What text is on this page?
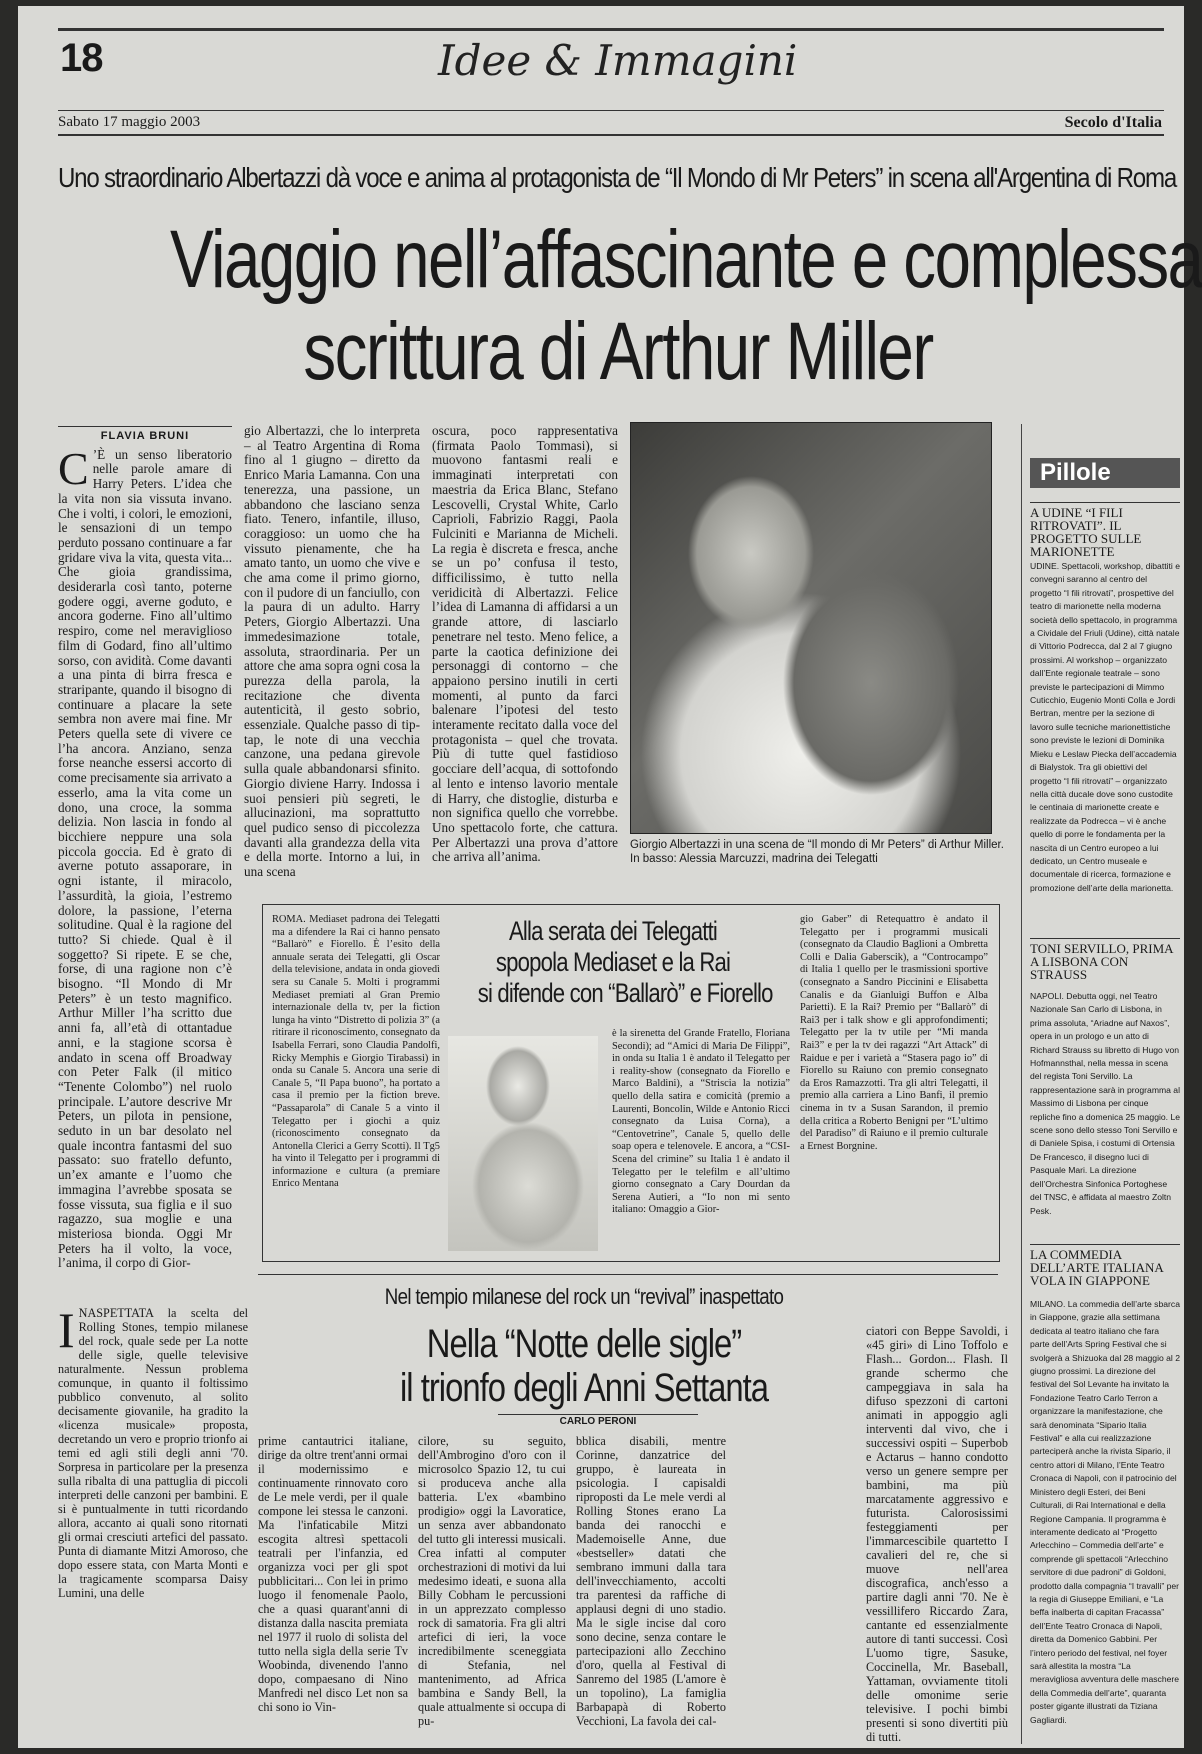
18	Idee & Immagini
Sabato 17 maggio 2003	Secolo d'Italia
Uno straordinario Albertazzi dà voce e anima al protagonista de “Il Mondo di Mr Peters” in scena all'Argentina di Roma
Viaggio nell’affascinante e complessa
scrittura di Arthur Miller
FLAVIA BRUNI
C ’È un senso liberatorio nelle parole amare di Harry Peters. L’idea che la vita non sia vissuta invano. Che i volti, i colori, le emozioni, le sensazioni di un tempo perduto possano continuare a far gridare viva la vita, questa vita... Che gioia grandissima, desiderarla così tanto, poterne godere oggi, averne goduto, e ancora goderne. Fino all’ultimo respiro, come nel meraviglioso film di Godard, fino all’ultimo sorso, con avidità. Come davanti a una pinta di birra fresca e straripante, quando il bisogno di continuare a placare la sete sembra non avere mai fine. Mr Peters quella sete di vivere ce l’ha ancora. Anziano, senza forse neanche essersi accorto di come precisamente sia arrivato a esserlo, ama la vita come un dono, una croce, la somma delizia. Non lascia in fondo al bicchiere neppure una sola piccola goccia. Ed è grato di averne potuto assaporare, in ogni istante, il miracolo, l’assurdità, la gioia, l’estremo dolore, la passione, l’eterna solitudine. Qual è la ragione del tutto? Si chiede. Qual è il soggetto? Si ripete. E se che, forse, di una ragione non c’è bisogno. “Il Mondo di Mr Peters” è un testo magnifico. Arthur Miller l’ha scritto due anni fa, all’età di ottantadue anni, e la stagione scorsa è andato in scena off Broadway con Peter Falk (il mitico “Tenente Colombo”) nel ruolo principale. L’autore descrive Mr Peters, un pilota in pensione, seduto in un bar desolato nel quale incontra fantasmi del suo passato: suo fratello defunto, un’ex amante e l’uomo che immagina l’avrebbe sposata se fosse vissuta, sua figlia e il suo ragazzo, sua moglie e una misteriosa bionda. Oggi Mr Peters ha il volto, la voce, l’anima, il corpo di Gior-
gio Albertazzi, che lo interpreta – al Teatro Argentina di Roma fino al 1 giugno – diretto da Enrico Maria Lamanna. Con una tenerezza, una passione, un abbandono che lasciano senza fiato. Tenero, infantile, illuso, coraggioso: un uomo che ha vissuto pienamente, che ha amato tanto, un uomo che vive e che ama come il primo giorno, con il pudore di un fanciullo, con la paura di un adulto. Harry Peters, Giorgio Albertazzi. Una immedesimazione totale, assoluta, straordinaria. Per un attore che ama sopra ogni cosa la purezza della parola, la recitazione che diventa autenticità, il gesto sobrio, essenziale. Qualche passo di tip-tap, le note di una vecchia canzone, una pedana girevole sulla quale abbandonarsi sfinito. Giorgio diviene Harry. Indossa i suoi pensieri più segreti, le allucinazioni, ma soprattutto quel pudico senso di piccolezza davanti alla grandezza della vita e della morte. Intorno a lui, in una scena
oscura, poco rappresentativa (firmata Paolo Tommasi), si muovono fantasmi reali e immaginati interpretati con maestria da Erica Blanc, Stefano Lescovelli, Crystal White, Carlo Caprioli, Fabrizio Raggi, Paola Fulciniti e Marianna de Micheli. La regia è discreta e fresca, anche se un po’ confusa il testo, difficilissimo, è tutto nella veridicità di Albertazzi. Felice l’idea di Lamanna di affidarsi a un grande attore, di lasciarlo penetrare nel testo. Meno felice, a parte la caotica definizione dei personaggi di contorno – che appaiono persino inutili in certi momenti, al punto da farci balenare l’ipotesi del testo interamente recitato dalla voce del protagonista – quel che trovata. Più di tutte quel fastidioso gocciare dell’acqua, di sottofondo al lento e intenso lavorio mentale di Harry, che distoglie, disturba e non significa quello che vorrebbe. Uno spettacolo forte, che cattura. Per Albertazzi una prova d’attore che arriva all’anima.
Giorgio Albertazzi in una scena de “Il mondo di Mr Peters” di Arthur Miller. In basso: Alessia Marcuzzi, madrina dei Telegatti
ROMA. Mediaset padrona dei Telegatti ma a difendere la Rai ci hanno pensato “Ballarò” e Fiorello. È l’esito della annuale serata dei Telegatti, gli Oscar della televisione, andata in onda giovedì sera su Canale 5. Molti i programmi Mediaset premiati al Gran Premio internazionale della tv, per la fiction lunga ha vinto “Distretto di polizia 3” (a ritirare il riconoscimento, consegnato da Isabella Ferrari, sono Claudia Pandolfi, Ricky Memphis e Giorgio Tirabassi) in onda su Canale 5. Ancora una serie di Canale 5, “Il Papa buono”, ha portato a casa il premio per la fiction breve. “Passaparola” di Canale 5 a vinto il Telegatto per i giochi a quiz (riconoscimento consegnato da Antonella Clerici a Gerry Scotti). Il Tg5 ha vinto il Telegatto per i programmi di informazione e cultura (a premiare Enrico Mentana
Alla serata dei Telegatti
spopola Mediaset e la Rai
si difende con “Ballarò” e Fiorello
è la sirenetta del Grande Fratello, Floriana Secondi); ad “Amici di Maria De Filippi”, in onda su Italia 1 è andato il Telegatto per i reality-show (consegnato da Fiorello e Marco Baldini), a “Striscia la notizia” quello della satira e comicità (premio a Laurenti, Boncolin, Wilde e Antonio Ricci consegnato da Luisa Corna), a “Centovetrine”, Canale 5, quello delle soap opera e telenovele. E ancora, a “CSI-Scena del crimine” su Italia 1 è andato il Telegatto per le telefilm e all’ultimo giorno consegnato a Cary Dourdan da Serena Autieri, a “Io non mi sento italiano: Omaggio a Gior-
gio Gaber” di Retequattro è andato il Telegatto per i programmi musicali (consegnato da Claudio Baglioni a Ombretta Colli e Dalia Gaberscik), a “Controcampo” di Italia 1 quello per le trasmissioni sportive (consegnato a Sandro Piccinini e Elisabetta Canalis e da Gianluigi Buffon e Alba Parietti). E la Rai? Premio per “Ballarò” di Rai3 per i talk show e gli approfondimenti; Telegatto per la tv utile per “Mi manda Rai3” e per la tv dei ragazzi “Art Attack” di Raidue e per i varietà a “Stasera pago io” di Fiorello su Raiuno con premio consegnato da Eros Ramazzotti. Tra gli altri Telegatti, il premio alla carriera a Lino Banfi, il premio cinema in tv a Susan Sarandon, il premio della critica a Roberto Benigni per “L’ultimo del Paradiso” di Raiuno e il premio culturale a Ernest Borgnine.
Nel tempio milanese del rock un “revival” inaspettato
Nella “Notte delle sigle”
il trionfo degli Anni Settanta
CARLO PERONI
INASPETTATA la scelta del Rolling Stones, tempio milanese del rock, quale sede per La notte delle sigle, quelle televisive naturalmente. Nessun problema comunque, in quanto il foltissimo pubblico convenuto, al solito decisamente giovanile, ha gradito la «licenza musicale» proposta, decretando un vero e proprio trionfo ai temi ed agli stili degli anni '70. Sorpresa in particolare per la presenza sulla ribalta di una pattuglia di piccoli interpreti delle canzoni per bambini. E si è puntualmente in tutti ricordando allora, accanto ai quali sono ritornati gli ormai cresciuti artefici del passato. Punta di diamante Mitzi Amoroso, che dopo essere stata, con Marta Monti e la tragicamente scomparsa Daisy Lumini, una delle
prime cantautrici italiane, dirige da oltre trent'anni ormai il modernissimo e continuamente rinnovato coro de Le mele verdi, per il quale compone lei stessa le canzoni. Ma l'infaticabile Mitzi escogita altresì spettacoli teatrali per l'infanzia, ed organizza voci per gli spot pubblicitari... Con lei in primo luogo il fenomenale Paolo, che a quasi quarant'anni di distanza dalla nascita premiata nel 1977 il ruolo di solista del tutto nella sigla della serie Tv Woobinda, divenendo l'anno dopo, compaesano di Nino Manfredi nel disco Let non sa chi sono io Vin-
cilore, su seguito, dell'Ambrogino d'oro con il microsolco Spazio 12, tu cui si produceva anche alla batteria. L'ex «bambino prodigio» oggi la Lavoratice, un senza aver abbandonato del tutto gli interessi musicali. Crea infatti al computer orchestrazioni di motivi da lui medesimo ideati, e suona alla Billy Cobham le percussioni in un apprezzato complesso rock di samatoria. Fra gli altri artefici di ieri, la voce incredibilmente sceneggiata di Stefania, nel mantenimento, ad Africa bambina e Sandy Bell, la quale attualmente si occupa di pu-
bblica disabili, mentre Corinne, danzatrice del gruppo, è laureata in psicologia. I capisaldi riproposti da Le mele verdi al Rolling Stones erano La banda dei ranocchi e Mademoiselle Anne, due «bestseller» datati che sembrano immuni dalla tara dell'invecchiamento, accolti tra parentesi da raffiche di applausi degni di uno stadio. Ma le sigle incise dal coro sono decine, senza contare le partecipazioni allo Zecchino d'oro, quella al Festival di Sanremo del 1985 (L'amore è un topolino), La famiglia Barbapapà di Roberto Vecchioni, La favola dei cal-
ciatori con Beppe Savoldi, i «45 giri» di Lino Toffolo e Flash... Gordon... Flash. Il grande schermo che campeggiava in sala ha difuso spezzoni di cartoni animati in appoggio agli interventi dal vivo, che i successivi ospiti – Superbob e Actarus – hanno condotto verso un genere sempre per bambini, ma più marcatamente aggressivo e futurista. Calorosissimi festeggiamenti per l'immarcescibile quartetto I cavalieri del re, che si muove nell'area discografica, anch'esso a partire dagli anni '70. Ne è vessillifero Riccardo Zara, cantante ed essenzialmente autore di tanti successi. Così L'uomo tigre, Sasuke, Coccinella, Mr. Baseball, Yattaman, ovviamente titoli delle omonime serie televisive. I pochi bimbi presenti si sono divertiti più di tutti.
Pillole
A UDINE “I FILI RITROVATI”. IL PROGETTO SULLE MARIONETTE
UDINE. Spettacoli, workshop, dibattiti e convegni saranno al centro del progetto “I fili ritrovati”, prospettive del teatro di marionette nella moderna società dello spettacolo, in programma a Cividale del Friuli (Udine), città natale di Vittorio Podrecca, dal 2 al 7 giugno prossimi. Al workshop – organizzato dall’Ente regionale teatrale – sono previste le partecipazioni di Mimmo Cuticchio, Eugenio Monti Colla e Jordi Bertran, mentre per la sezione di lavoro sulle tecniche marionettistiche sono previste le lezioni di Dominika Mieku e Leslaw Piecka dell’accademia di Bialystok. Tra gli obiettivi del progetto “I fili ritrovati” – organizzato nella città ducale dove sono custodite le centinaia di marionette create e realizzate da Podrecca – vi è anche quello di porre le fondamenta per la nascita di un Centro europeo a lui dedicato, un Centro museale e documentale di ricerca, formazione e promozione dell’arte della marionetta.
TONI SERVILLO, PRIMA A LISBONA CON STRAUSS
NAPOLI. Debutta oggi, nel Teatro Nazionale San Carlo di Lisbona, in prima assoluta, “Ariadne auf Naxos”, opera in un prologo e un atto di Richard Strauss su libretto di Hugo von Hofmannsthal, nella messa in scena del regista Toni Servillo. La rappresentazione sarà in programma al Massimo di Lisbona per cinque repliche fino a domenica 25 maggio. Le scene sono dello stesso Toni Servillo e di Daniele Spisa, i costumi di Ortensia De Francesco, il disegno luci di Pasquale Mari. La direzione dell’Orchestra Sinfonica Portoghese del TNSC, è affidata al maestro Zoltn Pesk.
LA COMMEDIA DELL’ARTE ITALIANA VOLA IN GIAPPONE
MILANO. La commedia dell’arte sbarca in Giappone, grazie alla settimana dedicata al teatro italiano che fara parte dell’Arts Spring Festival che si svolgerà a Shizuoka dal 28 maggio al 2 giugno prossimi. La direzione del festival del Sol Levante ha invitato la Fondazione Teatro Carlo Terron a organizzare la manifestazione, che sarà denominata “Sipario Italia Festival” e alla cui realizzazione parteciperà anche la rivista Sipario, il centro attori di Milano, l’Ente Teatro Cronaca di Napoli, con il patrocinio del Ministero degli Esteri, dei Beni Culturali, di Rai International e della Regione Campania. Il programma è interamente dedicato al “Progetto Arlecchino – Commedia dell’arte” e comprende gli spettacoli “Arlecchino servitore di due padroni” di Goldoni, prodotto dalla compagnia “I travalli” per la regia di Giuseppe Emiliani, e “La beffa inalberta di capitan Fracassa” dell’Ente Teatro Cronaca di Napoli, diretta da Domenico Gabbini. Per l’intero periodo del festival, nel foyer sarà allestita la mostra “La meravigliosa avventura delle maschere della Commedia dell’arte”, quaranta poster gigante illustrati da Tiziana Gagliardi.
